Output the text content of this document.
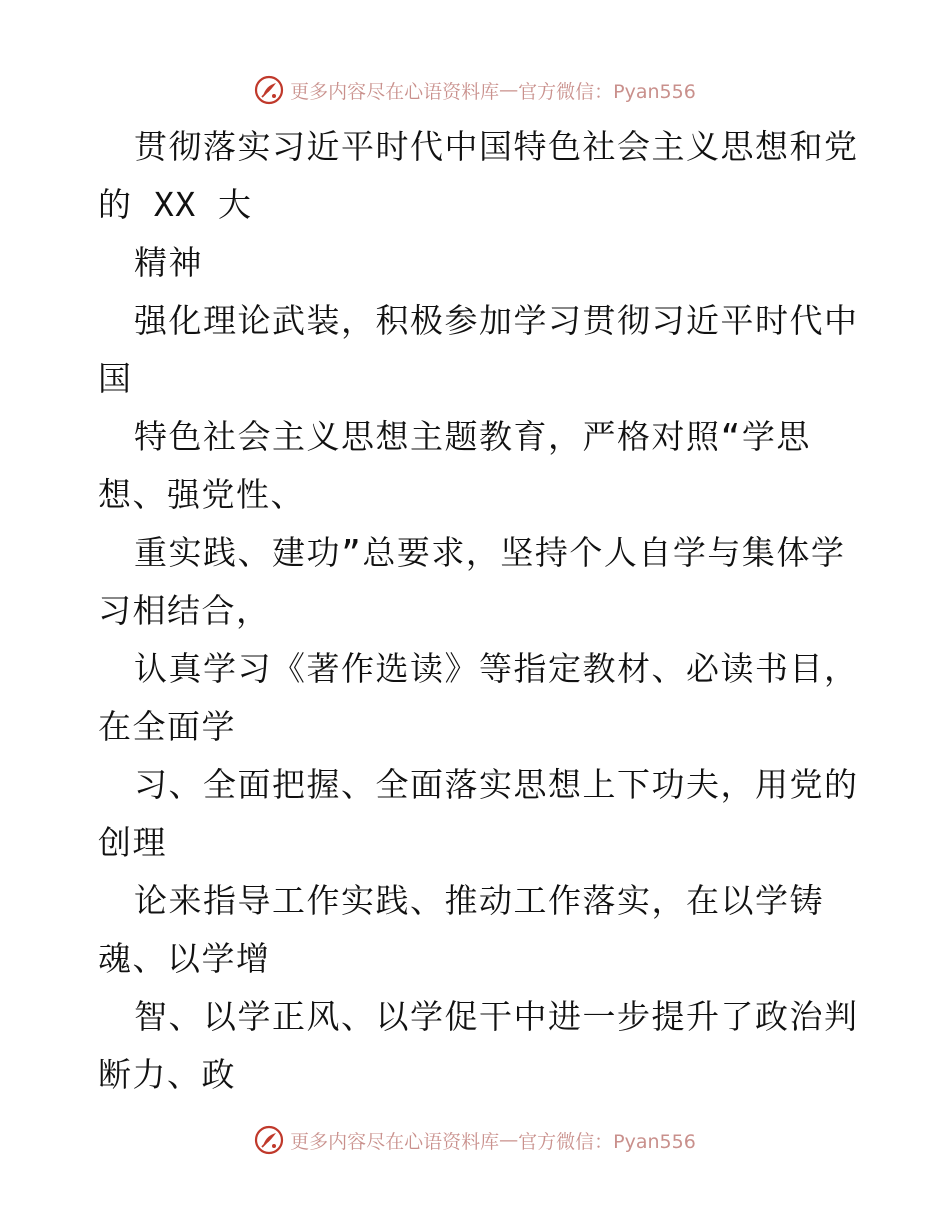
更多内容尽在心语资料库 — 官方微信：Pyan556
贯彻落实习近平时代中国特色社会主义思想和党
的 XX 大
精神
强化理论武装，积极参加学习贯彻习近平时代中
国
特色社会主义思想主题教育，严格对照“学思
想、强党性、
重实践、建功”总要求，坚持个人自学与集体学
习相结合，
认真学习《著作选读》等指定教材、必读书目，
在全面学
习、全面把握、全面落实思想上下功夫，用党的
创理
论来指导工作实践、推动工作落实，在以学铸
魂、以学增
智、以学正风、以学促干中进一步提升了政治判
断力、政
更多内容尽在心语资料库 — 官方微信：Pyan556
